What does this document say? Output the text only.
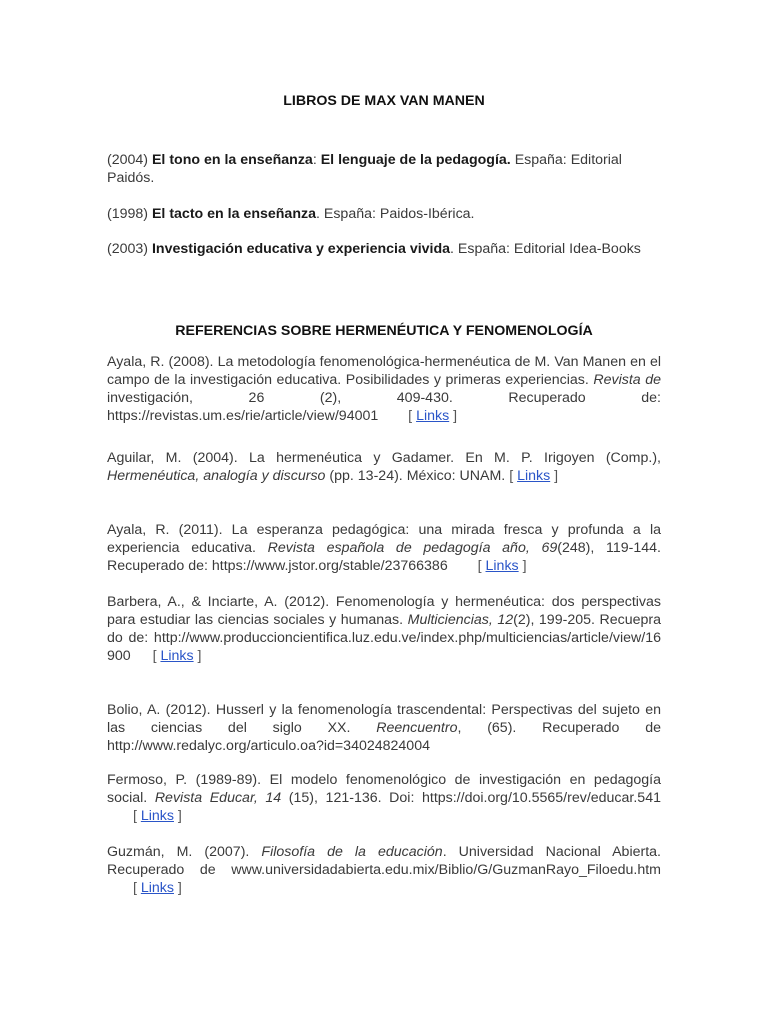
LIBROS DE MAX VAN MANEN
(2004) El tono en la enseñanza: El lenguaje de la pedagogía. España: Editorial Paidós.
(1998) El tacto en la enseñanza. España: Paidos-Ibérica.
(2003) Investigación educativa y experiencia vivida. España: Editorial Idea-Books
REFERENCIAS SOBRE HERMENÉUTICA Y FENOMENOLOGÍA
Ayala, R. (2008). La metodología fenomenológica-hermenéutica de M. Van Manen en el campo de la investigación educativa. Posibilidades y primeras experiencias. Revista de investigación, 26 (2), 409-430. Recuperado de: https://revistas.um.es/rie/article/view/94001 [ Links ]
Aguilar, M. (2004). La hermenéutica y Gadamer. En M. P. Irigoyen (Comp.), Hermenéutica, analogía y discurso (pp. 13-24). México: UNAM. [ Links ]
Ayala, R. (2011). La esperanza pedagógica: una mirada fresca y profunda a la experiencia educativa. Revista española de pedagogía año, 69(248), 119-144. Recuperado de: https://www.jstor.org/stable/23766386 [ Links ]
Barbera, A., & Inciarte, A. (2012). Fenomenología y hermenéutica: dos perspectivas para estudiar las ciencias sociales y humanas. Multiciencias, 12(2), 199-205. Recueprado de: http://www.produccioncientifica.luz.edu.ve/index.php/multiciencias/article/view/16900 [ Links ]
Bolio, A. (2012). Husserl y la fenomenología trascendental: Perspectivas del sujeto en las ciencias del siglo XX. Reencuentro, (65). Recuperado de http://www.redalyc.org/articulo.oa?id=34024824004
Fermoso, P. (1989-89). El modelo fenomenológico de investigación en pedagogía social. Revista Educar, 14 (15), 121-136. Doi: https://doi.org/10.5565/rev/educar.541  [ Links ]
Guzmán, M. (2007). Filosofía de la educación. Universidad Nacional Abierta. Recuperado de www.universidadabierta.edu.mix/Biblio/G/GuzmanRayo_Filoedu.htm  [ Links ]
